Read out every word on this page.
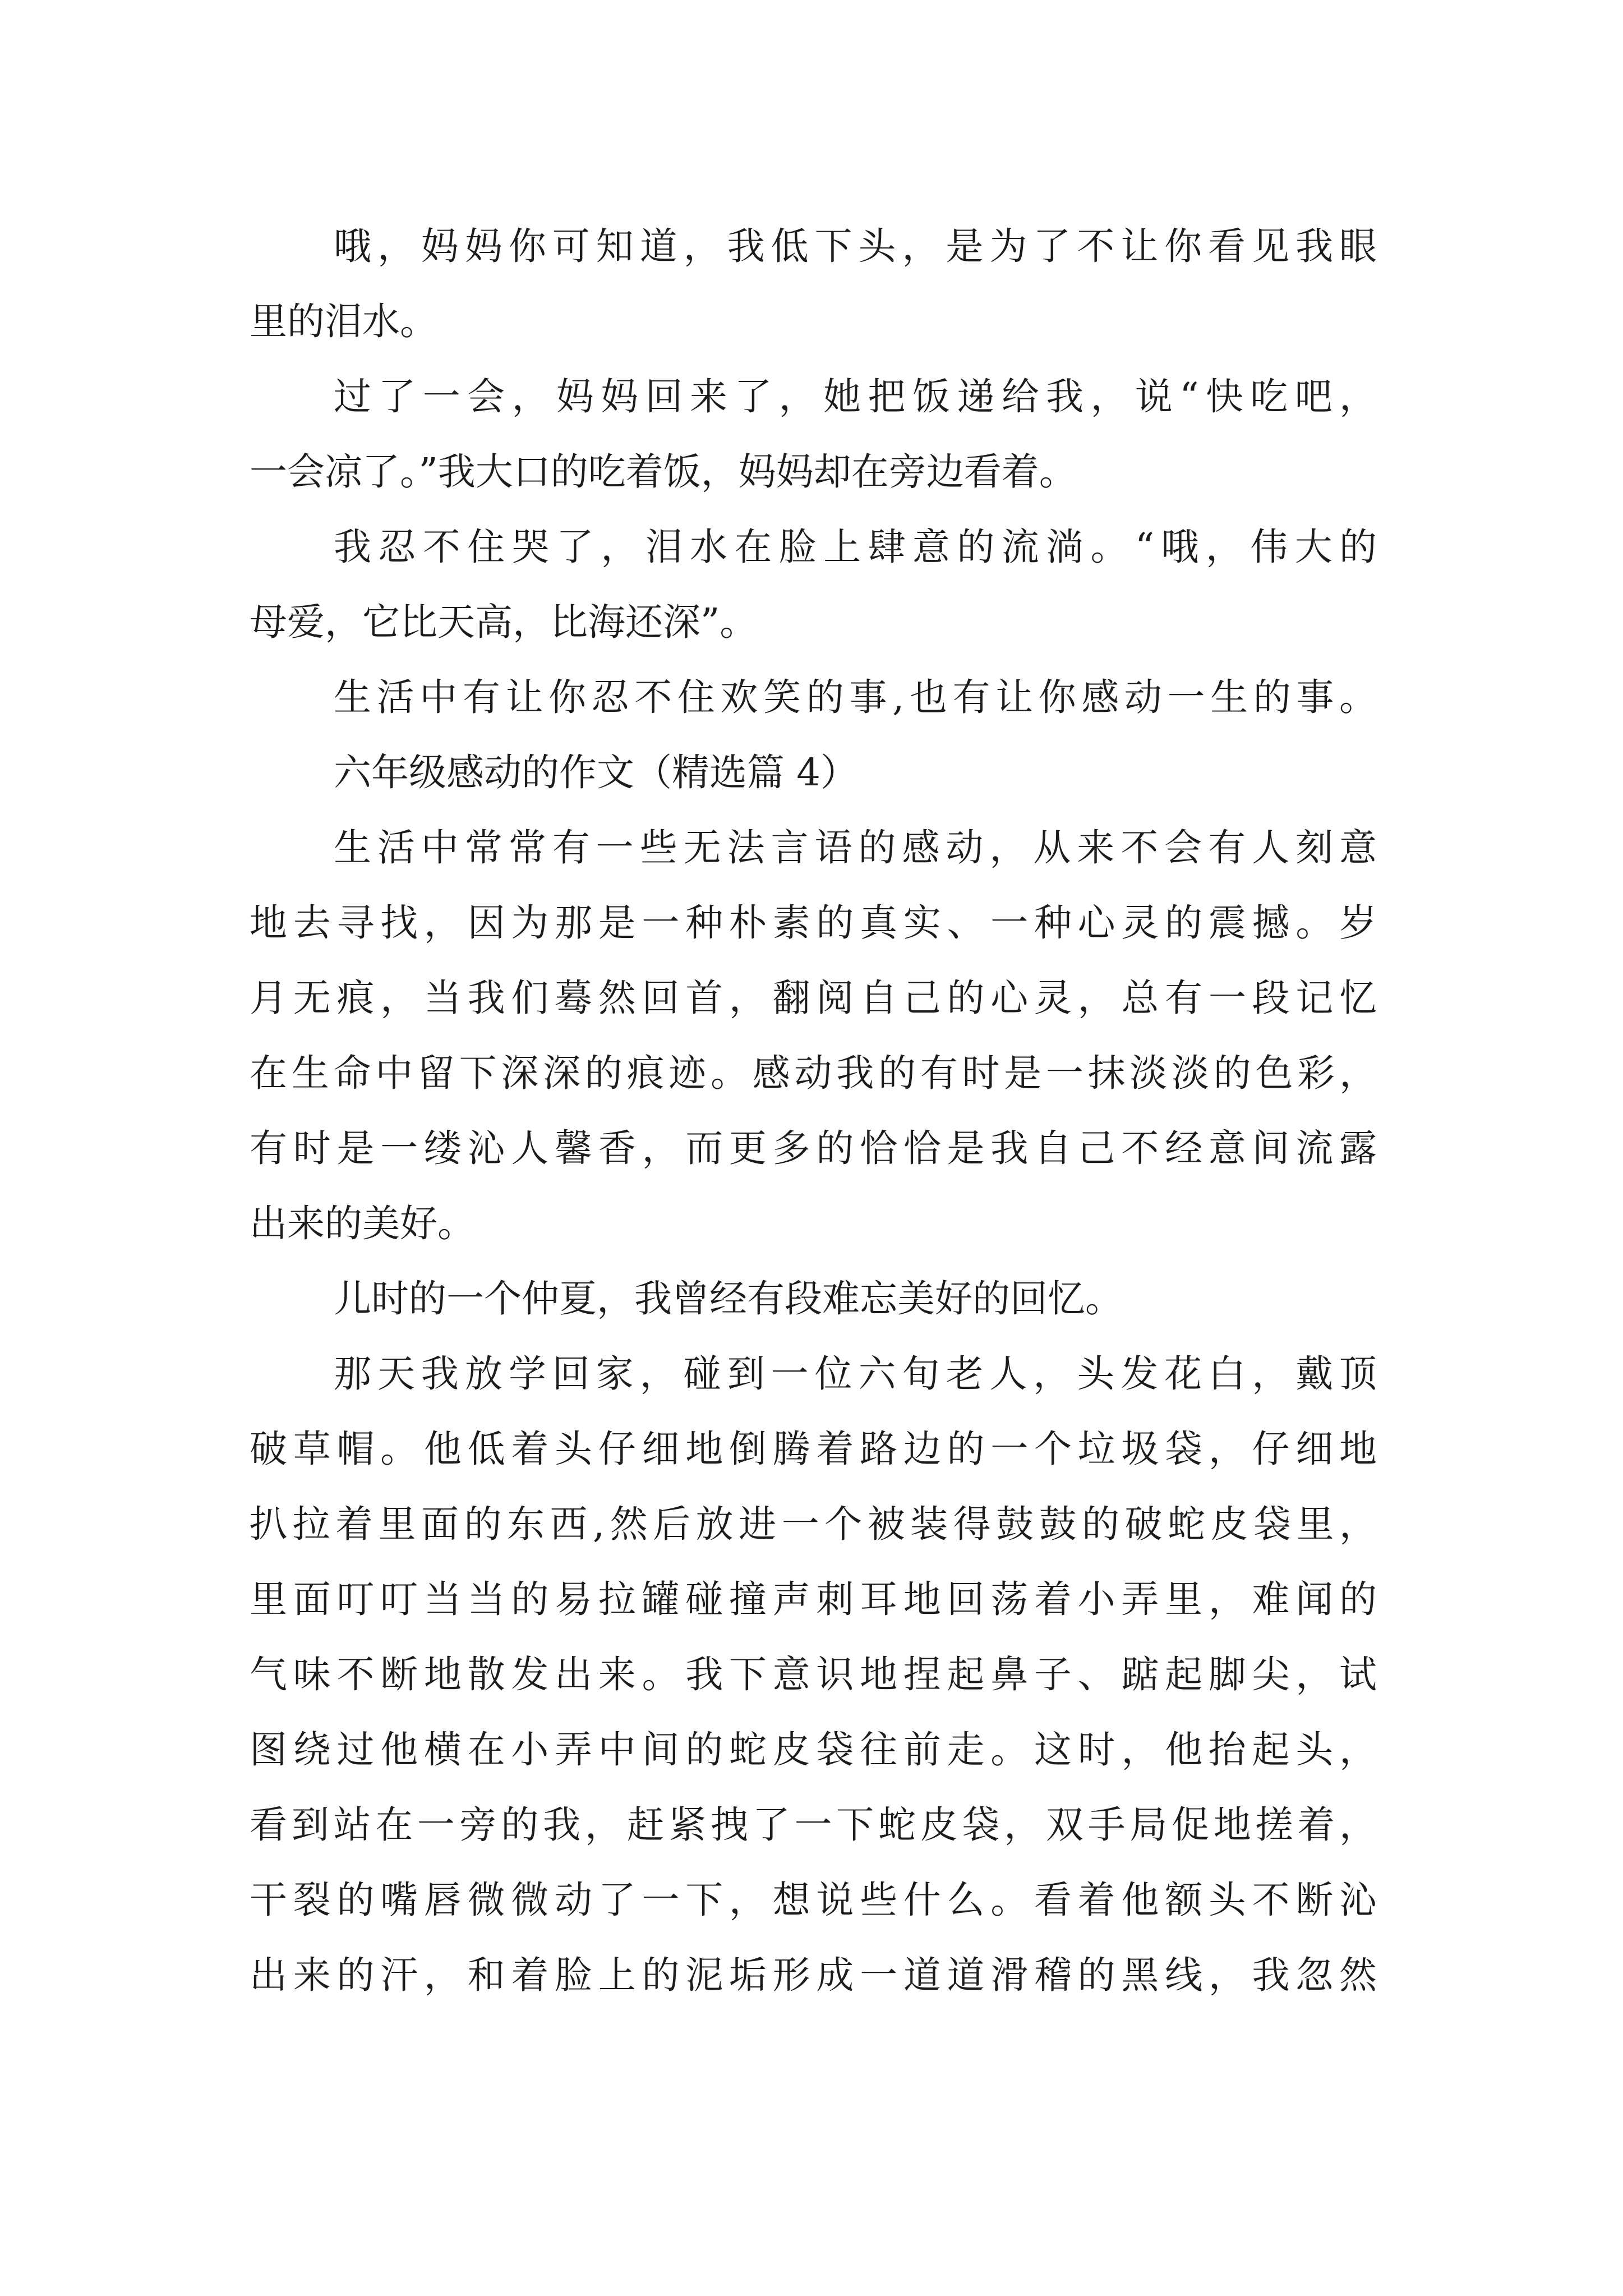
哦，妈妈你可知道，我低下头，是为了不让你看见我眼
里的泪水。
过了一会，妈妈回来了，她把饭递给我，说“快吃吧，
一会凉了。”我大口的吃着饭，妈妈却在旁边看着。
我忍不住哭了，泪水在脸上肆意的流淌。“哦，伟大的
母爱，它比天高，比海还深”。
生活中有让你忍不住欢笑的事,也有让你感动一生的事。
六年级感动的作文（精选篇 4）
生活中常常有一些无法言语的感动，从来不会有人刻意
地去寻找，因为那是一种朴素的真实、一种心灵的震撼。岁
月无痕，当我们蓦然回首，翻阅自己的心灵，总有一段记忆
在生命中留下深深的痕迹。感动我的有时是一抹淡淡的色彩，
有时是一缕沁人馨香，而更多的恰恰是我自己不经意间流露
出来的美好。
儿时的一个仲夏，我曾经有段难忘美好的回忆。
那天我放学回家，碰到一位六旬老人，头发花白，戴顶
破草帽。他低着头仔细地倒腾着路边的一个垃圾袋，仔细地
扒拉着里面的东西,然后放进一个被装得鼓鼓的破蛇皮袋里，
里面叮叮当当的易拉罐碰撞声刺耳地回荡着小弄里，难闻的
气味不断地散发出来。我下意识地捏起鼻子、踮起脚尖，试
图绕过他横在小弄中间的蛇皮袋往前走。这时，他抬起头，
看到站在一旁的我，赶紧拽了一下蛇皮袋，双手局促地搓着，
干裂的嘴唇微微动了一下，想说些什么。看着他额头不断沁
出来的汗，和着脸上的泥垢形成一道道滑稽的黑线，我忽然
